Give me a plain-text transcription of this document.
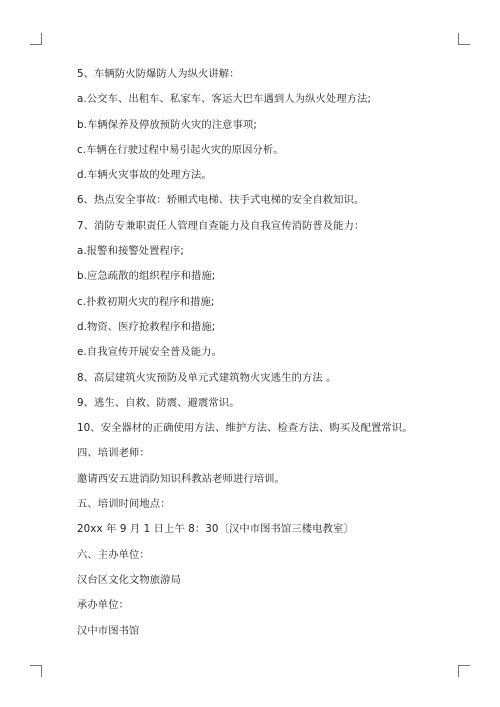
5、车辆防火防爆防人为纵火讲解：

a.公交车、出租车、私家车、客运大巴车遇到人为纵火处理方法;

b.车辆保养及停放预防火灾的注意事项;

c.车辆在行驶过程中易引起火灾的原因分析。

d.车辆火灾事故的处理方法。

6、热点安全事故：轿厢式电梯、扶手式电梯的安全自救知识。

7、消防专兼职责任人管理自查能力及自我宣传消防普及能力：

a.报警和接警处置程序;

b.应急疏散的组织程序和措施;

c.扑救初期火灾的程序和措施;

d.物资、医疗抢救程序和措施;

e.自我宣传开展安全普及能力。

8、高层建筑火灾预防及单元式建筑物火灾逃生的方法 。

9、逃生、自救、防震、避震常识。

10、安全器材的正确使用方法、维护方法、检查方法、购买及配置常识。

四、培训老师：

邀请西安五进消防知识科教站老师进行培训。

五、培训时间地点：

20xx 年 9 月 1 日上午 8：30〔汉中市图书馆三楼电教室〕

六、主办单位：

汉台区文化文物旅游局

承办单位：

汉中市图书馆
